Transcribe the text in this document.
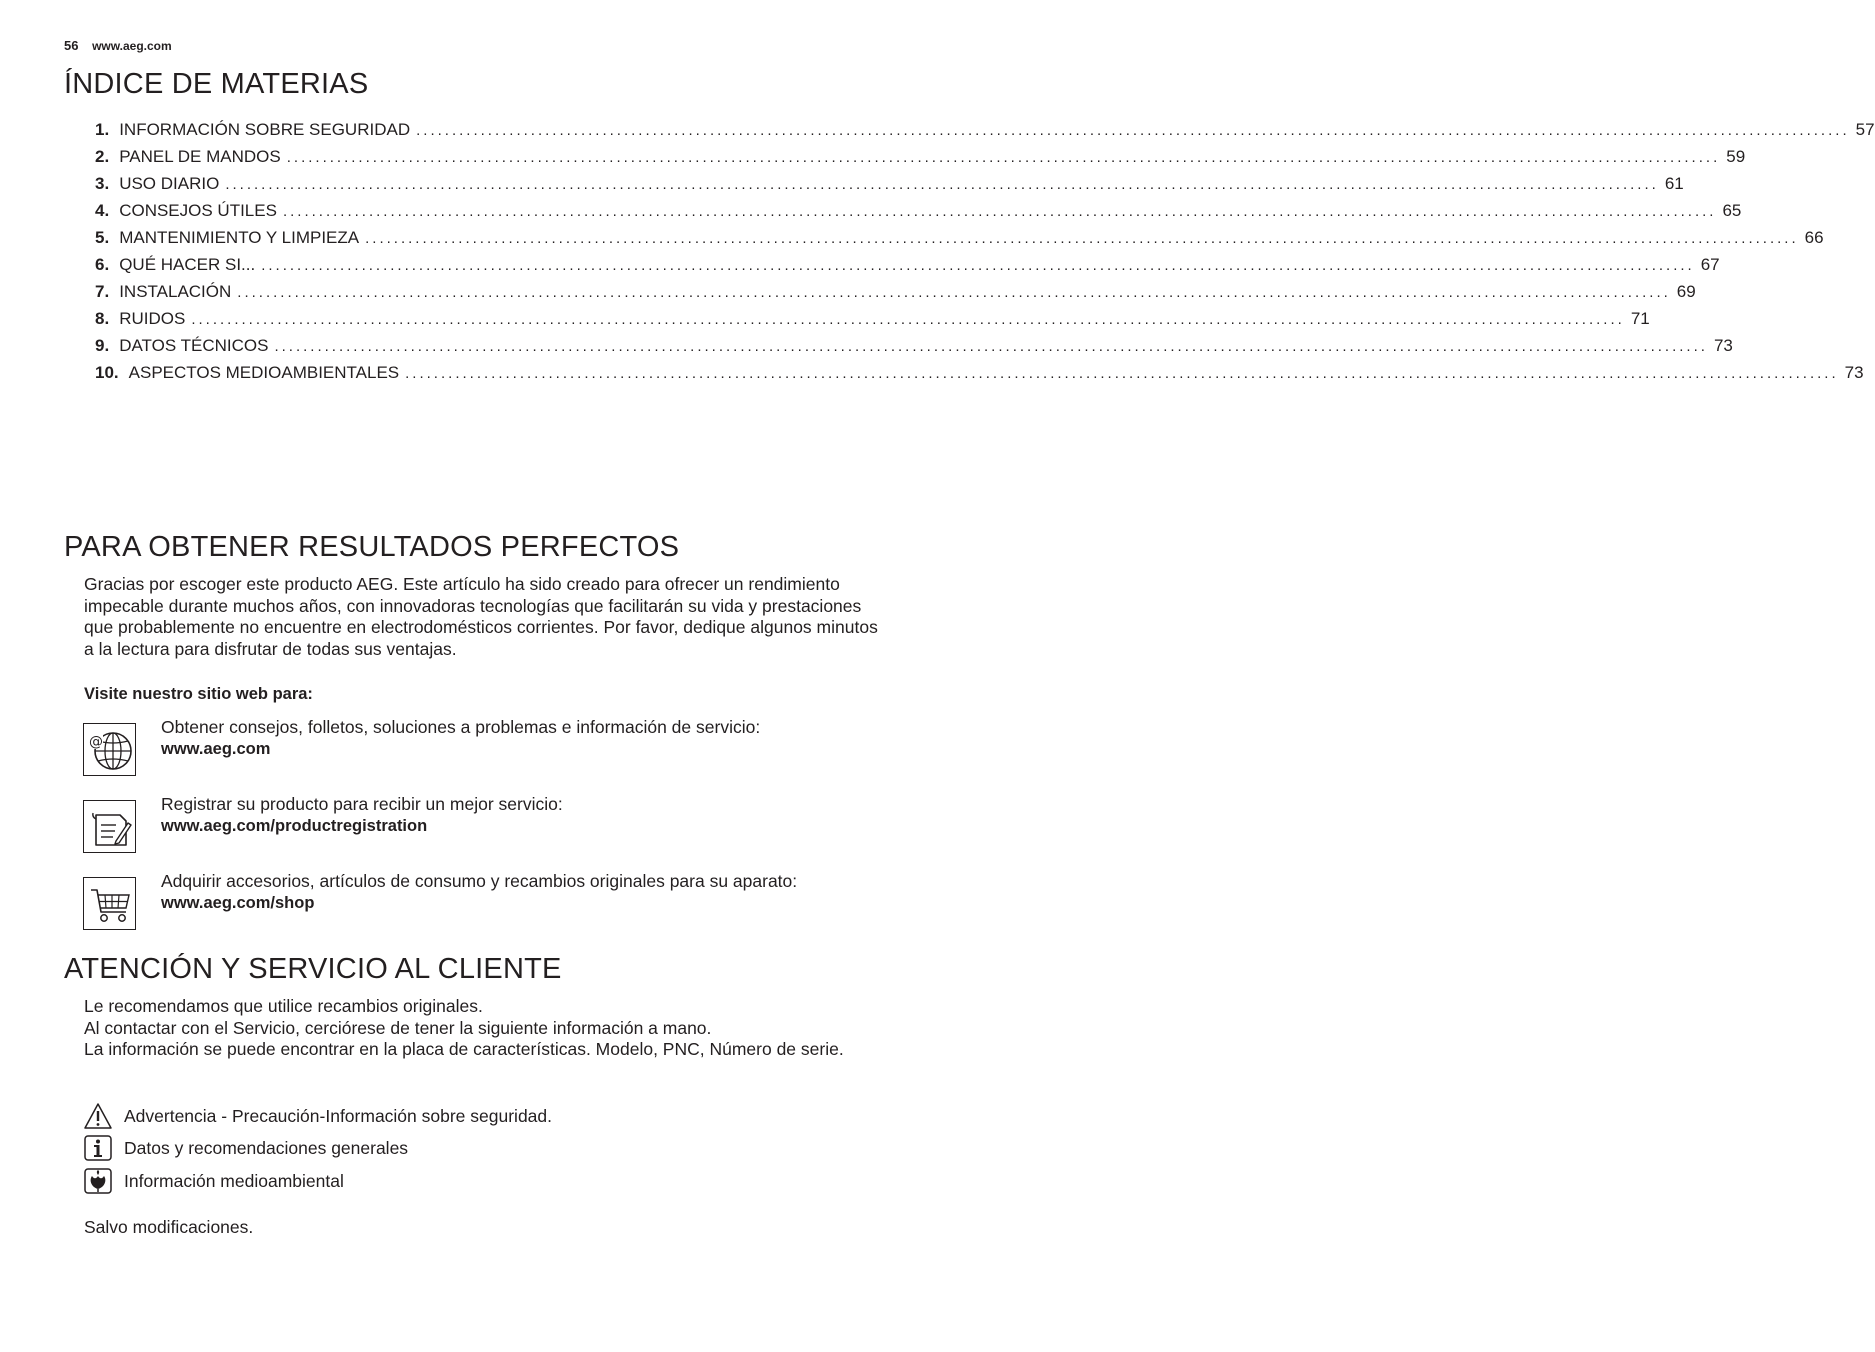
56 www.aeg.com
ÍNDICE DE MATERIAS
1. INFORMACIÓN SOBRE SEGURIDAD ........................................................................................................................................................................................................ 57
2. PANEL DE MANDOS ........................................................................................................................................................................................................ 59
3. USO DIARIO ........................................................................................................................................................................................................ 61
4. CONSEJOS ÚTILES ........................................................................................................................................................................................................ 65
5. MANTENIMIENTO Y LIMPIEZA ........................................................................................................................................................................................................ 66
6. QUÉ HACER SI... ........................................................................................................................................................................................................ 67
7. INSTALACIÓN ........................................................................................................................................................................................................ 69
8. RUIDOS ........................................................................................................................................................................................................ 71
9. DATOS TÉCNICOS ........................................................................................................................................................................................................ 73
10. ASPECTOS MEDIOAMBIENTALES ........................................................................................................................................................................................................ 73
PARA OBTENER RESULTADOS PERFECTOS

Gracias por escoger este producto AEG. Este artículo ha sido creado para ofrecer un rendimiento impecable durante muchos años, con innovadoras tecnologías que facilitarán su vida y prestaciones que probablemente no encuentre en electrodomésticos corrientes. Por favor, dedique algunos minutos a la lectura para disfrutar de todas sus ventajas.

Visite nuestro sitio web para:

@
Obtener consejos, folletos, soluciones a problemas e información de servicio:
www.aeg.com
Registrar su producto para recibir un mejor servicio:
www.aeg.com/productregistration
Adquirir accesorios, artículos de consumo y recambios originales para su aparato:
www.aeg.com/shop
ATENCIÓN Y SERVICIO AL CLIENTE
Le recomendamos que utilice recambios originales.
Al contactar con el Servicio, cerciórese de tener la siguiente información a mano.
La información se puede encontrar en la placa de características. Modelo, PNC, Número de serie.
Advertencia - Precaución-Información sobre seguridad.
Datos y recomendaciones generales
Información medioambiental

Salvo modificaciones.
